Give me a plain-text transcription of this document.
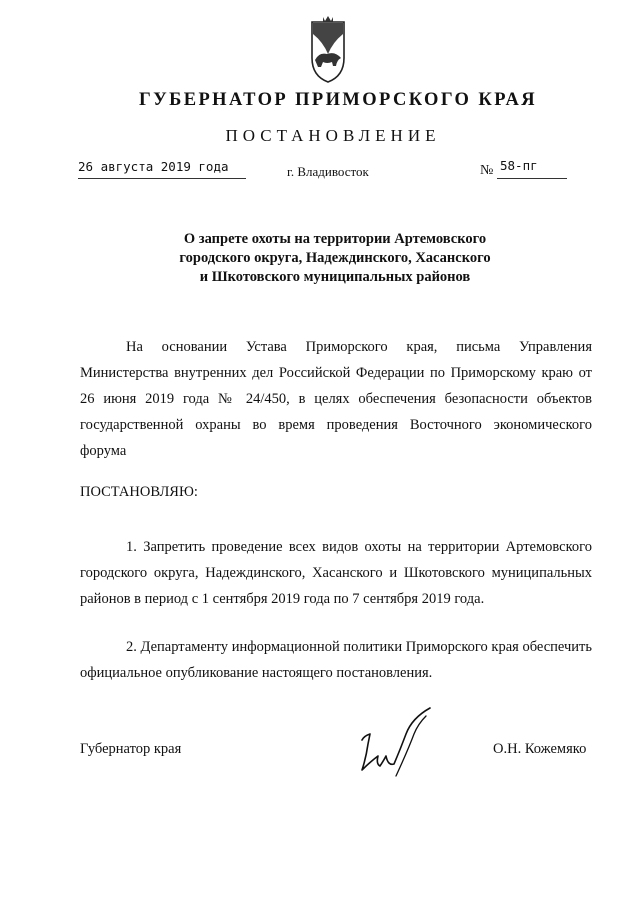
ГУБЕРНАТОР ПРИМОРСКОГО КРАЯ
ПОСТАНОВЛЕНИЕ
26 августа 2019 года	г. Владивосток	№ 58-пг
О запрете охоты на территории Артемовского
городского округа, Надеждинского, Хасанского
и Шкотовского муниципальных районов
На основании Устава Приморского края, письма Управления Министерства внутренних дел Российской Федерации по Приморскому краю от 26 июня 2019 года № 24/450, в целях обеспечения безопасности объектов государственной охраны во время проведения Восточного экономического форума
ПОСТАНОВЛЯЮ:
1. Запретить проведение всех видов охоты на территории Артемовского городского округа, Надеждинского, Хасанского и Шкотовского муниципальных районов в период с 1 сентября 2019 года по 7 сентября 2019 года.
2. Департаменту информационной политики Приморского края обеспечить официальное опубликование настоящего постановления.
Губернатор края	О.Н. Кожемяко
